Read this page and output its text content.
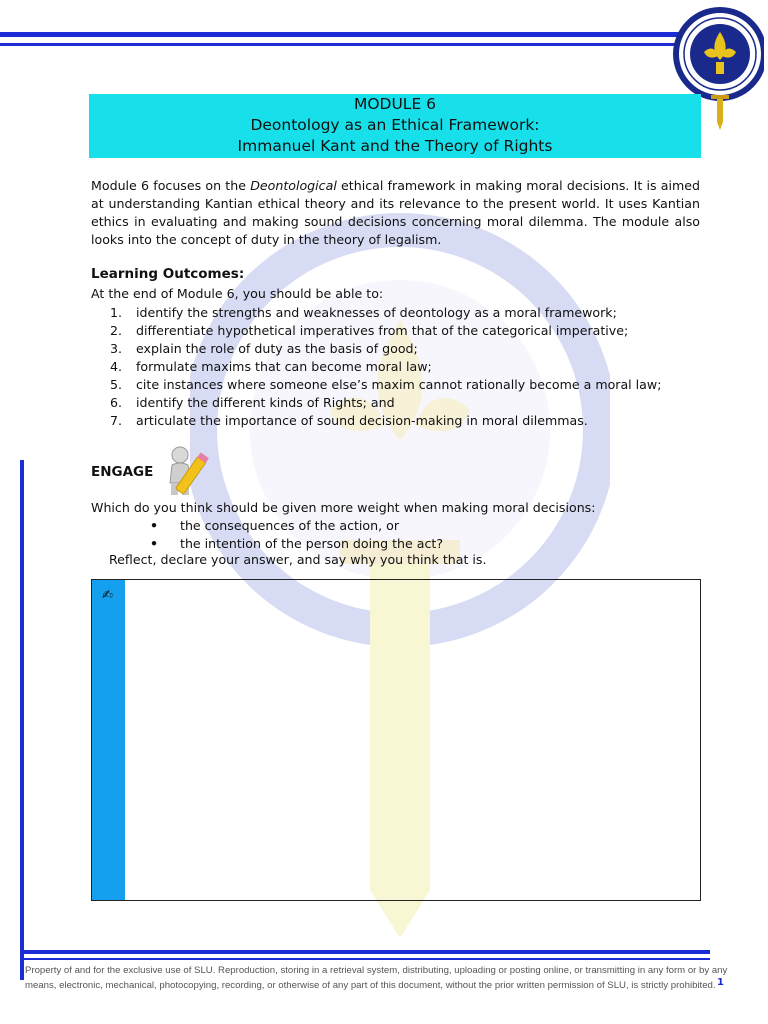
MODULE 6
Deontology as an Ethical Framework:
Immanuel Kant and the Theory of Rights
Module 6 focuses on the Deontological ethical framework in making moral decisions. It is aimed at understanding Kantian ethical theory and its relevance to the present world. It uses Kantian ethics in evaluating and making sound decisions concerning moral dilemma. The module also looks into the concept of duty in the theory of legalism.
Learning Outcomes:
At the end of Module 6, you should be able to:
1. identify the strengths and weaknesses of deontology as a moral framework;
2. differentiate hypothetical imperatives from that of the categorical imperative;
3. explain the role of duty as the basis of good;
4. formulate maxims that can become moral law;
5. cite instances where someone else’s maxim cannot rationally become a moral law;
6. identify the different kinds of Rights; and
7. articulate the importance of sound decision-making in moral dilemmas.
ENGAGE
Which do you think should be given more weight when making moral decisions:
• the consequences of the action, or
• the intention of the person doing the act?
Reflect, declare your answer, and say why you think that is.
✍
Property of and for the exclusive use of SLU. Reproduction, storing in a retrieval system, distributing, uploading or posting online, or transmitting in any form or by any
means, electronic, mechanical, photocopying, recording, or otherwise of any part of this document, without the prior written permission of SLU, is strictly prohibited. 1
